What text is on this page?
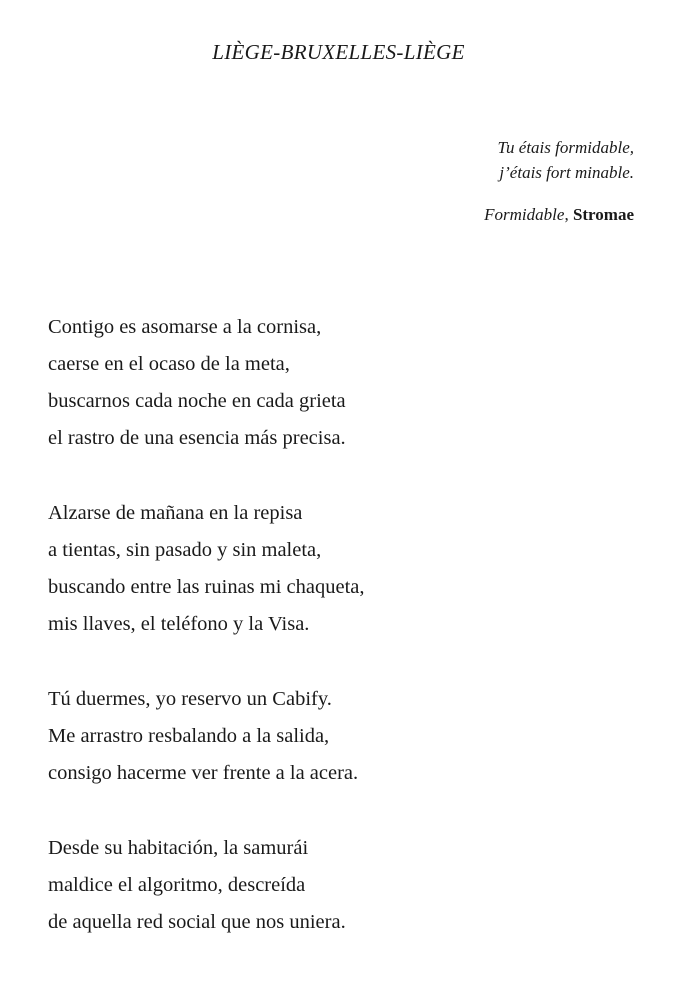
LIÈGE-BRUXELLES-LIÈGE
Tu étais formidable,
j’étais fort minable.
Formidable, Stromae
Contigo es asomarse a la cornisa,
caerse en el ocaso de la meta,
buscarnos cada noche en cada grieta
el rastro de una esencia más precisa.
Alzarse de mañana en la repisa
a tientas, sin pasado y sin maleta,
buscando entre las ruinas mi chaqueta,
mis llaves, el teléfono y la Visa.
Tú duermes, yo reservo un Cabify.
Me arrastro resbalando a la salida,
consigo hacerme ver frente a la acera.
Desde su habitación, la samurái
maldice el algoritmo, descreída
de aquella red social que nos uniera.
